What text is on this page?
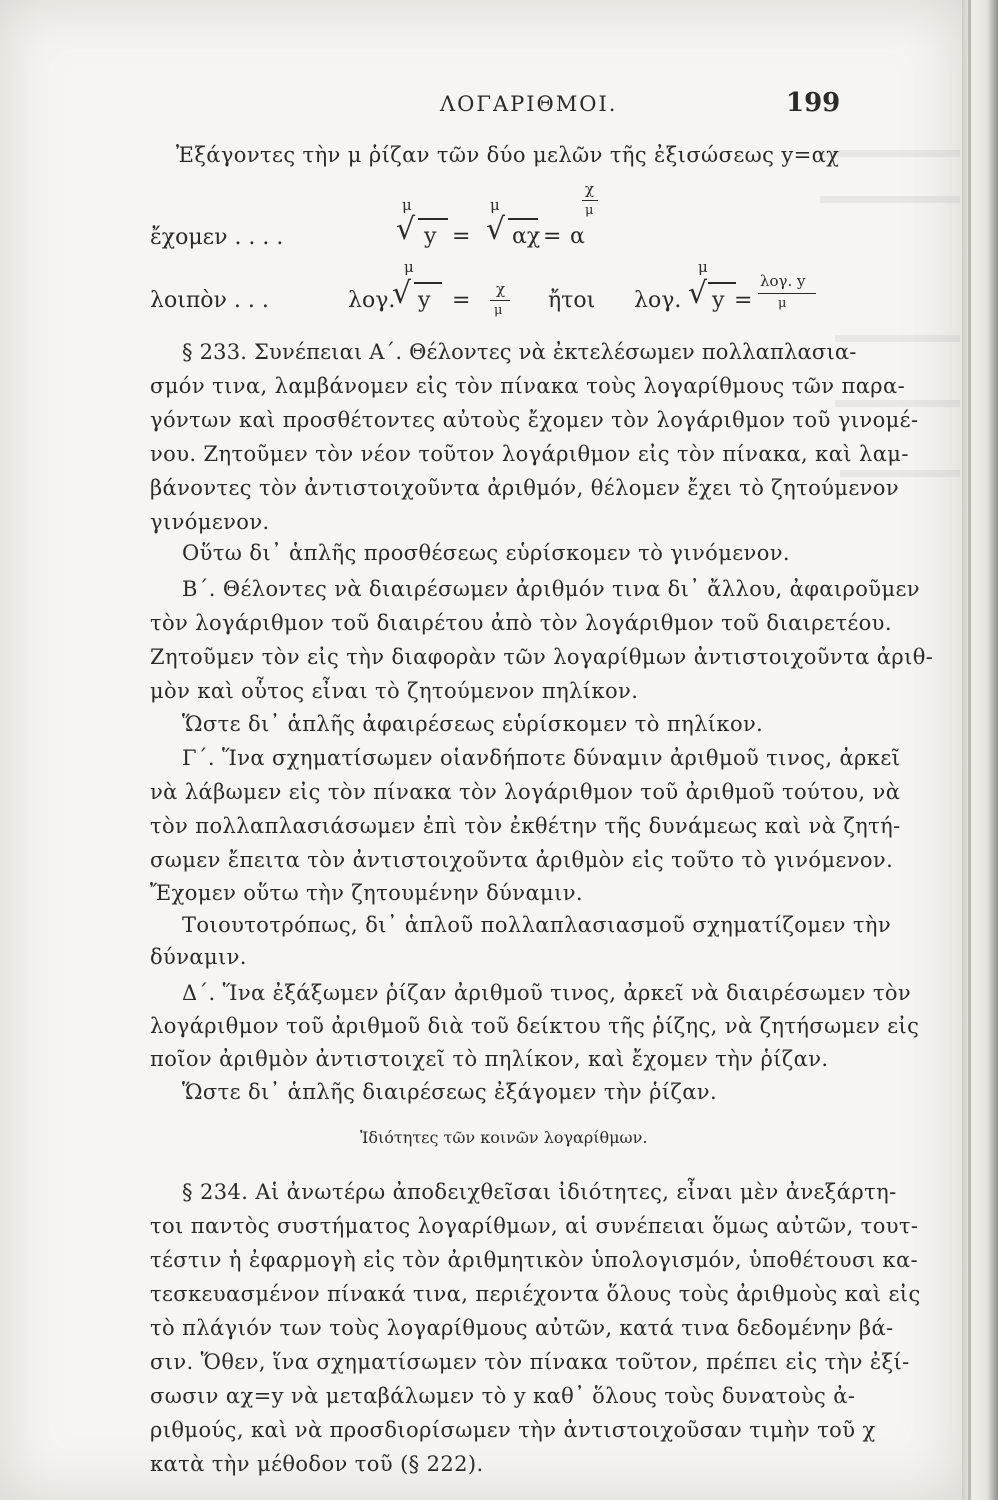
ΛΟΓΑΡΙΘΜΟΙ.	199
Ἐξάγοντες τὴν μ ῥίζαν τῶν δύο μελῶν τῆς ἐξισώσεως y=αχ
ἔχομεν . . . .
μ
√ y =
μ
√ αχ = α
χ
μ
λοιπὸν . . .	λογ.
μ
√ y = χ
μ ἤτοι λογ.
μ
√ y =
λογ. y
μ
§ 233. Συνέπειαι Α΄. Θέλοντες νὰ ἐκτελέσωμεν πολλαπλασια-
σμόν τινα, λαμβάνομεν εἰς τὸν πίνακα τοὺς λογαρίθμους τῶν παρα-
γόντων καὶ προσθέτοντες αὐτοὺς ἔχομεν τὸν λογάριθμον τοῦ γινομέ-
νου. Ζητοῦμεν τὸν νέον τοῦτον λογάριθμον εἰς τὸν πίνακα, καὶ λαμ-
βάνοντες τὸν ἀντιστοιχοῦντα ἀριθμόν, θέλομεν ἔχει τὸ ζητούμενον
γινόμενον.
Οὕτω δι᾽ ἁπλῆς προσθέσεως εὑρίσκομεν τὸ γινόμενον.
Β΄. Θέλοντες νὰ διαιρέσωμεν ἀριθμόν τινα δι᾽ ἄλλου, ἀφαιροῦμεν
τὸν λογάριθμον τοῦ διαιρέτου ἀπὸ τὸν λογάριθμον τοῦ διαιρετέου.
Ζητοῦμεν τὸν εἰς τὴν διαφορὰν τῶν λογαρίθμων ἀντιστοιχοῦντα ἀριθ-
μὸν καὶ οὗτος εἶναι τὸ ζητούμενον πηλίκον.
Ὥστε δι᾽ ἁπλῆς ἀφαιρέσεως εὑρίσκομεν τὸ πηλίκον.
Γ΄. Ἵνα σχηματίσωμεν οἱανδήποτε δύναμιν ἀριθμοῦ τινος, ἀρκεῖ
νὰ λάβωμεν εἰς τὸν πίνακα τὸν λογάριθμον τοῦ ἀριθμοῦ τούτου, νὰ
τὸν πολλαπλασιάσωμεν ἐπὶ τὸν ἐκθέτην τῆς δυνάμεως καὶ νὰ ζητή-
σωμεν ἔπειτα τὸν ἀντιστοιχοῦντα ἀριθμὸν εἰς τοῦτο τὸ γινόμενον.
Ἔχομεν οὕτω τὴν ζητουμένην δύναμιν.
Τοιουτοτρόπως, δι᾽ ἁπλοῦ πολλαπλασιασμοῦ σχηματίζομεν τὴν
δύναμιν.
Δ΄. Ἵνα ἐξάξωμεν ῥίζαν ἀριθμοῦ τινος, ἀρκεῖ νὰ διαιρέσωμεν τὸν
λογάριθμον τοῦ ἀριθμοῦ διὰ τοῦ δείκτου τῆς ῥίζης, νὰ ζητήσωμεν εἰς
ποῖον ἀριθμὸν ἀντιστοιχεῖ τὸ πηλίκον, καὶ ἔχομεν τὴν ῥίζαν.
Ὥστε δι᾽ ἁπλῆς διαιρέσεως ἐξάγομεν τὴν ῥίζαν.
Ἰδιότητες τῶν κοινῶν λογαρίθμων.
§ 234. Αἱ ἀνωτέρω ἀποδειχθεῖσαι ἰδιότητες, εἶναι μὲν ἀνεξάρτη-
τοι παντὸς συστήματος λογαρίθμων, αἱ συνέπειαι ὅμως αὐτῶν, τουτ-
τέστιν ἡ ἐφαρμογὴ εἰς τὸν ἀριθμητικὸν ὑπολογισμόν, ὑποθέτουσι κα-
τεσκευασμένον πίνακά τινα, περιέχοντα ὅλους τοὺς ἀριθμοὺς καὶ εἰς
τὸ πλάγιόν των τοὺς λογαρίθμους αὐτῶν, κατά τινα δεδομένην βά-
σιν. Ὅθεν, ἵνα σχηματίσωμεν τὸν πίνακα τοῦτον, πρέπει εἰς τὴν ἐξί-
σωσιν αχ=y νὰ μεταβάλωμεν τὸ y καθ᾽ ὅλους τοὺς δυνατοὺς ἀ-
ριθμούς, καὶ νὰ προσδιορίσωμεν τὴν ἀντιστοιχοῦσαν τιμὴν τοῦ χ
κατὰ τὴν μέθοδον τοῦ (§ 222).
